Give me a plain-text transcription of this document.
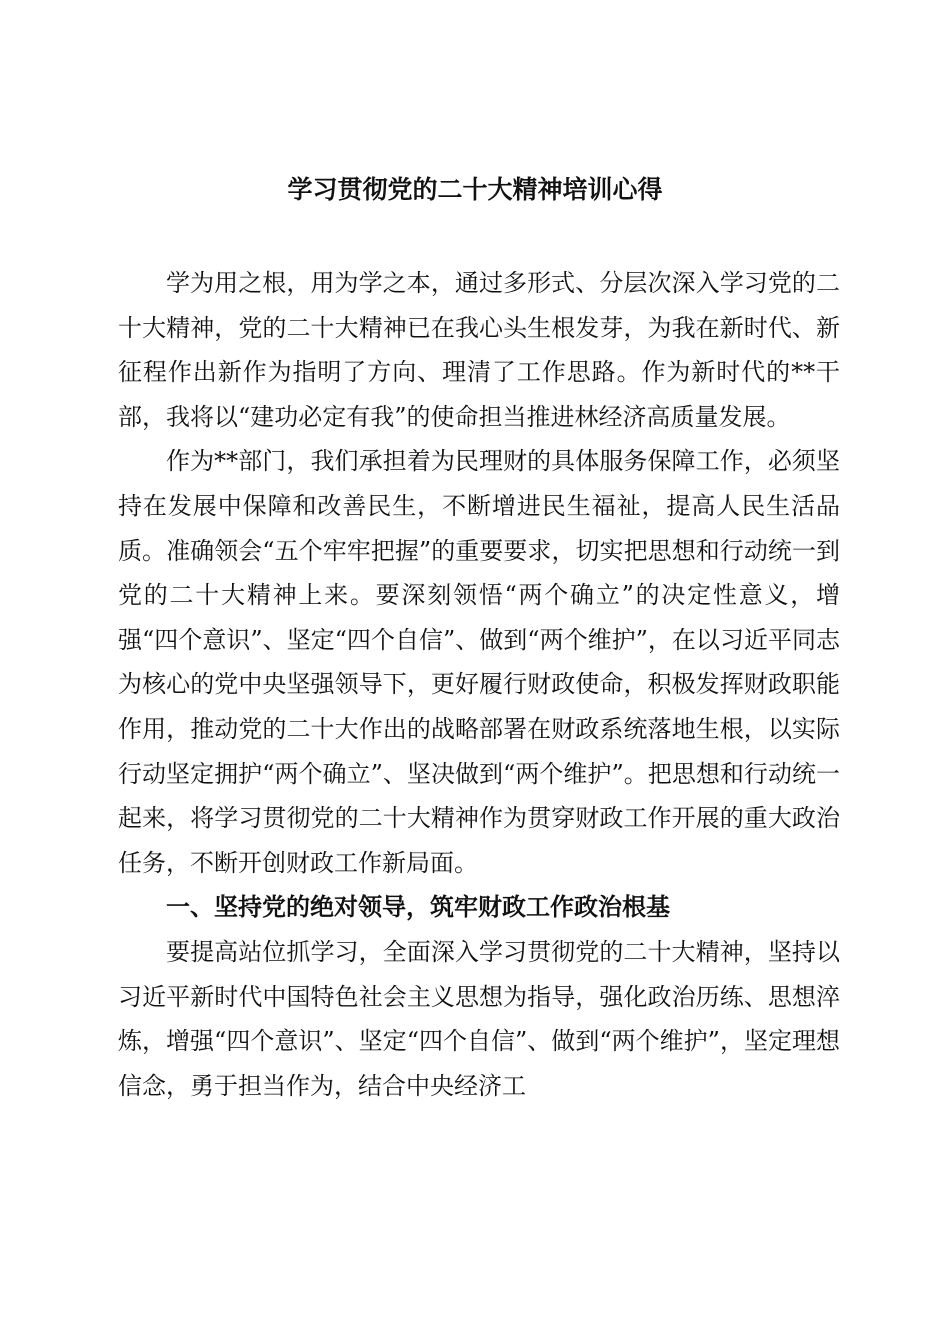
学习贯彻党的二十大精神培训心得

学为用之根，用为学之本，通过多形式、分层次深入学习党的二十大精神，党的二十大精神已在我心头生根发芽，为我在新时代、新征程作出新作为指明了方向、理清了工作思路。作为新时代的**干部，我将以“建功必定有我”的使命担当推进林经济高质量发展。

作为**部门，我们承担着为民理财的具体服务保障工作，必须坚持在发展中保障和改善民生，不断增进民生福祉，提高人民生活品质。准确领会“五个牢牢把握”的重要要求，切实把思想和行动统一到党的二十大精神上来。要深刻领悟“两个确立”的决定性意义，增强“四个意识”、坚定“四个自信”、做到“两个维护”，在以习近平同志为核心的党中央坚强领导下，更好履行财政使命，积极发挥财政职能作用，推动党的二十大作出的战略部署在财政系统落地生根，以实际行动坚定拥护“两个确立”、坚决做到“两个维护”。把思想和行动统一起来，将学习贯彻党的二十大精神作为贯穿财政工作开展的重大政治任务，不断开创财政工作新局面。

一、坚持党的绝对领导，筑牢财政工作政治根基

要提高站位抓学习，全面深入学习贯彻党的二十大精神，坚持以习近平新时代中国特色社会主义思想为指导，强化政治历练、思想淬炼，增强“四个意识”、坚定“四个自信”、做到“两个维护”，坚定理想信念，勇于担当作为，结合中央经济工
